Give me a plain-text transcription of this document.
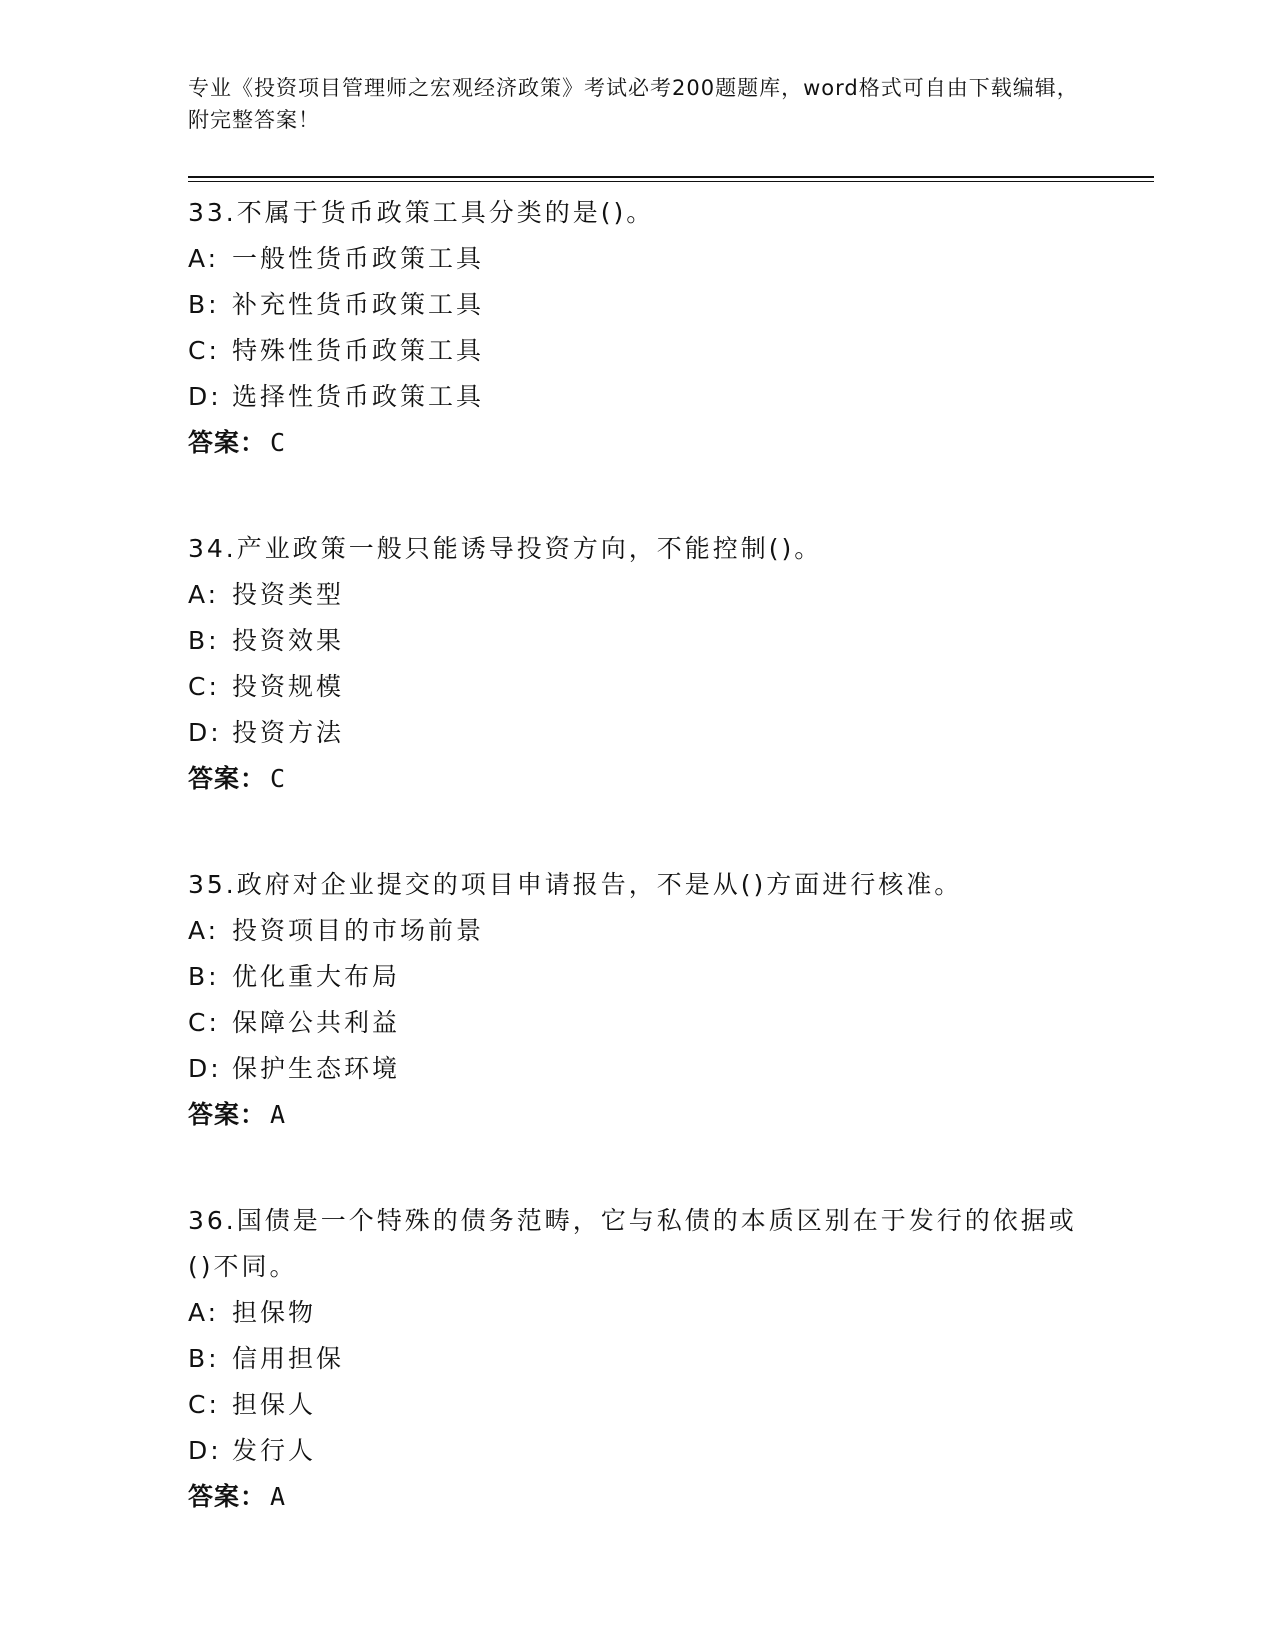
专业《投资项目管理师之宏观经济政策》考试必考200题题库，word格式可自由下载编辑，附完整答案！

33.不属于货币政策工具分类的是()。

A: 一般性货币政策工具

B: 补充性货币政策工具

C: 特殊性货币政策工具

D: 选择性货币政策工具

答案： C

34.产业政策一般只能诱导投资方向，不能控制()。

A: 投资类型

B: 投资效果

C: 投资规模

D: 投资方法

答案： C

35.政府对企业提交的项目申请报告，不是从()方面进行核准。

A: 投资项目的市场前景

B: 优化重大布局

C: 保障公共利益

D: 保护生态环境

答案： A

36.国债是一个特殊的债务范畴，它与私债的本质区别在于发行的依据或()不同。

A: 担保物

B: 信用担保

C: 担保人

D: 发行人

答案： A
